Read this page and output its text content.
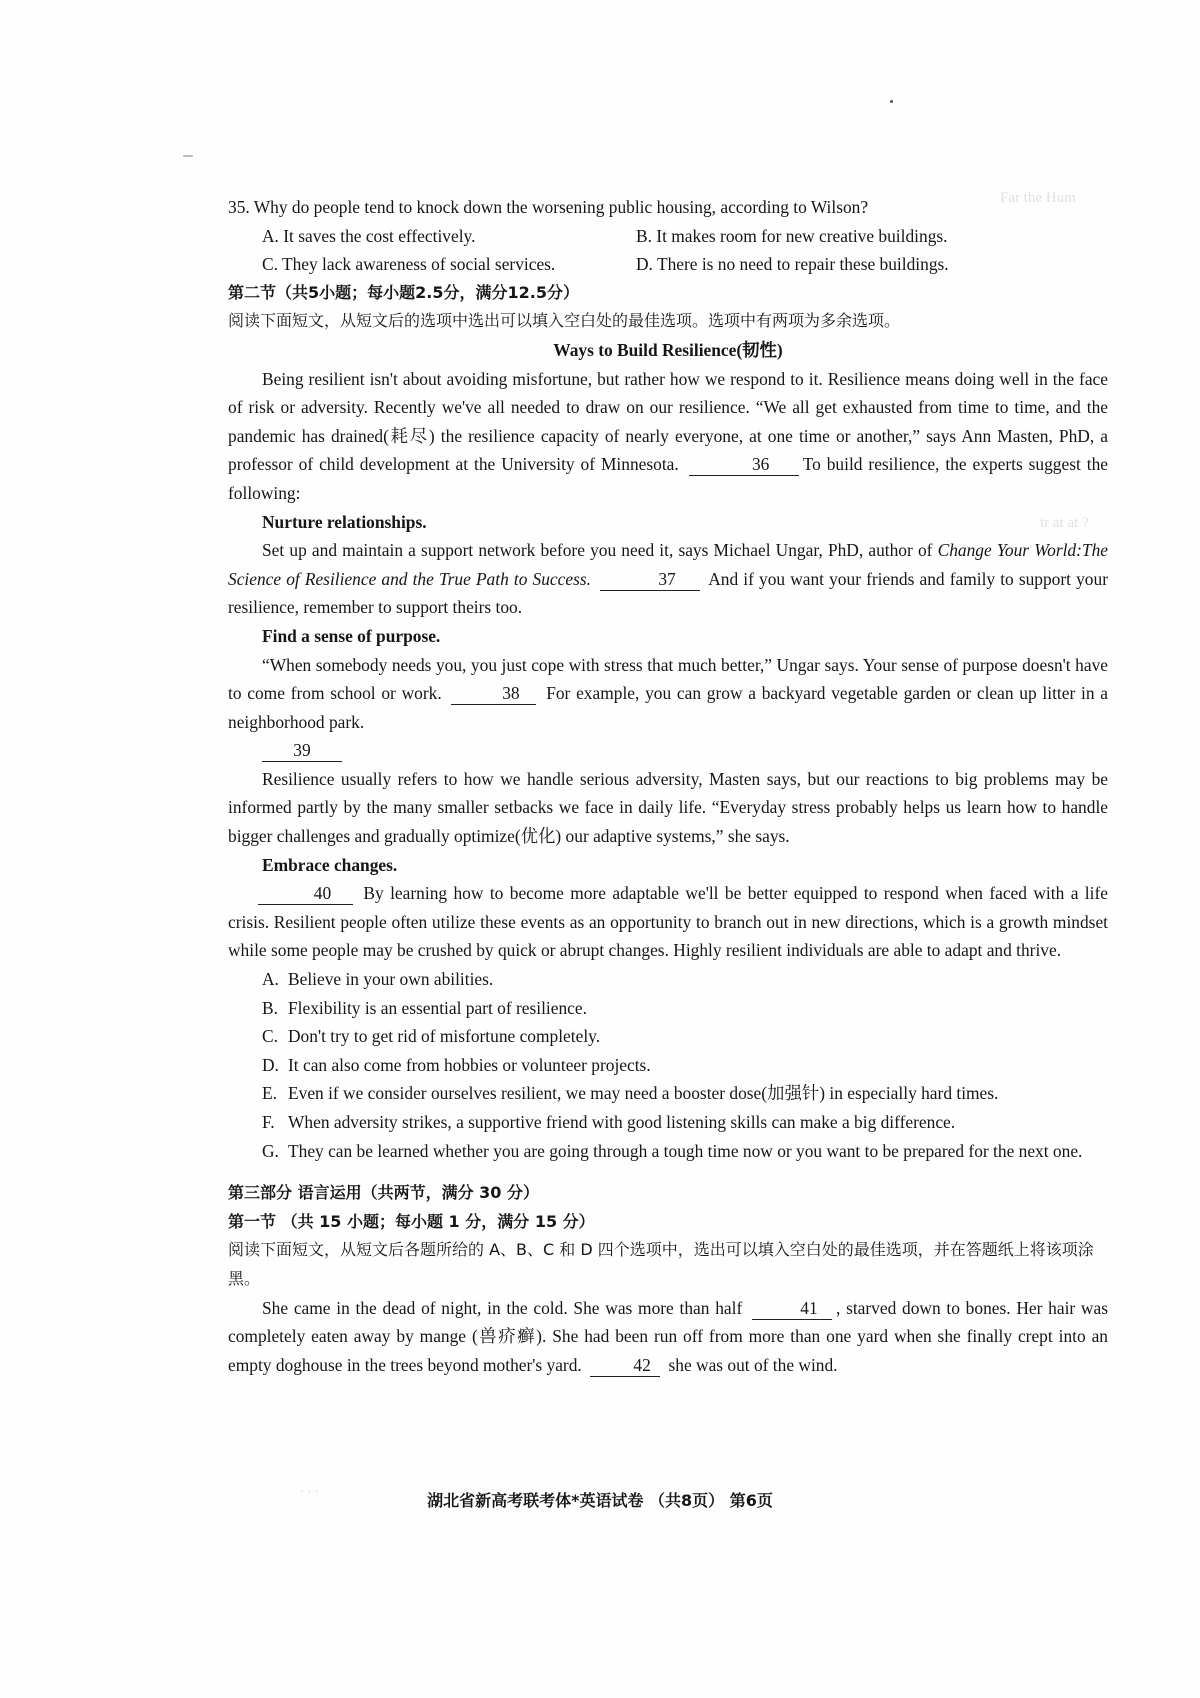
Far the Hum
tr at at ?
. . .
35. Why do people tend to knock down the worsening public housing, according to Wilson?
A. It saves the cost effectively.	B. It makes room for new creative buildings.
C. They lack awareness of social services.	D. There is no need to repair these buildings.
第二节（共5小题；每小题2.5分，满分12.5分）
阅读下面短文，从短文后的选项中选出可以填入空白处的最佳选项。选项中有两项为多余选项。
Ways to Build Resilience(韧性)
Being resilient isn't about avoiding misfortune, but rather how we respond to it. Resilience means doing well in the face of risk or adversity. Recently we've all needed to draw on our resilience. “We all get exhausted from time to time, and the pandemic has drained(耗尽) the resilience capacity of nearly everyone, at one time or another,” says Ann Masten, PhD, a professor of child development at the University of Minnesota.	36 To build resilience, the experts suggest the following:
Nurture relationships.
Set up and maintain a support network before you need it, says Michael Ungar, PhD, author of Change Your World:The Science of Resilience and the True Path to Success.	37 And if you want your friends and family to support your resilience, remember to support theirs too.
Find a sense of purpose.
“When somebody needs you, you just cope with stress that much better,” Ungar says. Your sense of purpose doesn't have to come from school or work.	38 For example, you can grow a backyard vegetable garden or clean up litter in a neighborhood park.
39
Resilience usually refers to how we handle serious adversity, Masten says, but our reactions to big problems may be informed partly by the many smaller setbacks we face in daily life. “Everyday stress probably helps us learn how to handle bigger challenges and gradually optimize(优化) our adaptive systems,” she says.
Embrace changes.
40 By learning how to become more adaptable we'll be better equipped to respond when faced with a life crisis. Resilient people often utilize these events as an opportunity to branch out in new directions, which is a growth mindset while some people may be crushed by quick or abrupt changes. Highly resilient individuals are able to adapt and thrive.
A. Believe in your own abilities.
B. Flexibility is an essential part of resilience.
C. Don't try to get rid of misfortune completely.
D. It can also come from hobbies or volunteer projects.
E. Even if we consider ourselves resilient, we may need a booster dose(加强针) in especially hard times.
F. When adversity strikes, a supportive friend with good listening skills can make a big difference.
G. They can be learned whether you are going through a tough time now or you want to be prepared for the next one.
第三部分 语言运用（共两节，满分 30 分）
第一节 （共 15 小题；每小题 1 分，满分 15 分）
阅读下面短文，从短文后各题所给的 A、B、C 和 D 四个选项中，选出可以填入空白处的最佳选项，并在答题纸上将该项涂黑。
She came in the dead of night, in the cold. She was more than half	41 , starved down to bones. Her hair was completely eaten away by mange (兽疥癣). She had been run off from more than one yard when she finally crept into an empty doghouse in the trees beyond mother's yard.	42 she was out of the wind.
湖北省新高考联考体*英语试卷 （共8页） 第6页
